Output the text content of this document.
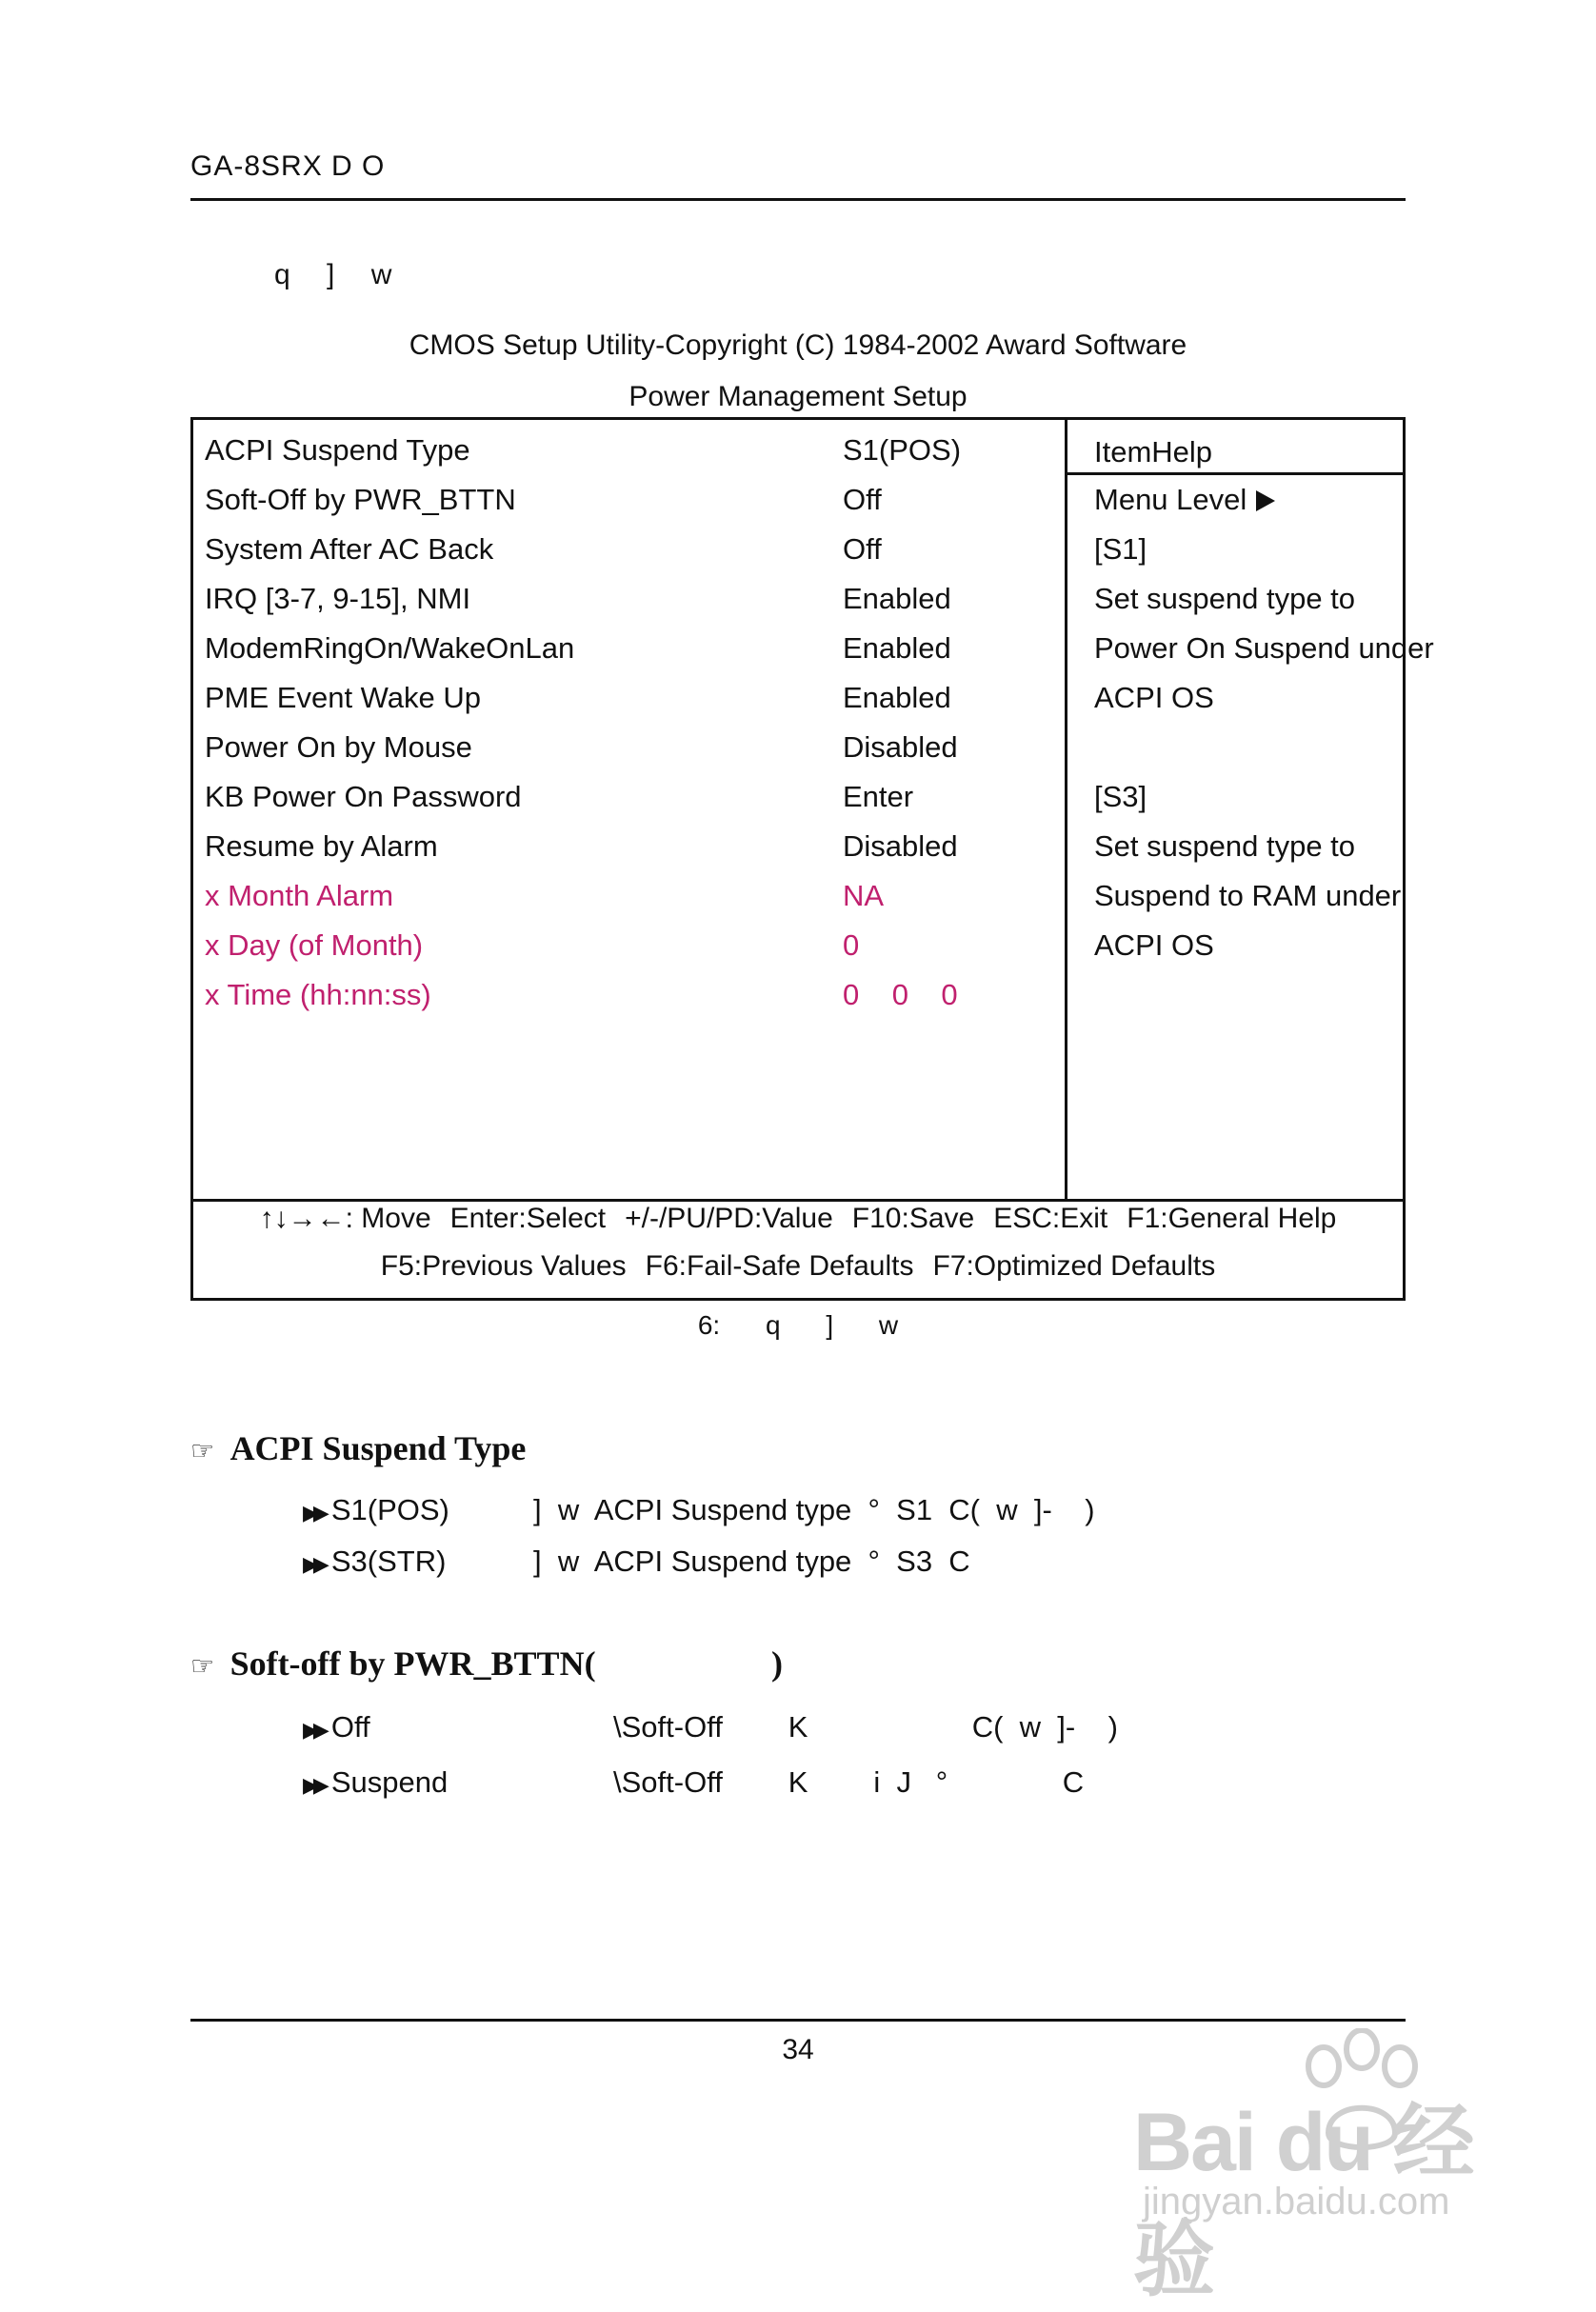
GA-8SRX D O
q ] w
CMOS Setup Utility-Copyright (C) 1984-2002 Award Software
Power Management Setup
ACPI Suspend Type	S1(POS)
Soft-Off by PWR_BTTN	Off
System After AC Back	Off
IRQ [3-7, 9-15], NMI	Enabled
ModemRingOn/WakeOnLan	Enabled
PME Event Wake Up	Enabled
Power On by Mouse	Disabled
KB Power On Password	Enter
Resume by Alarm	Disabled
x Month Alarm	NA
x Day (of Month)	0
x Time (hh:nn:ss)	0    0    0
ItemHelp
Menu Level
[S1]
Set suspend type to
Power On Suspend under
ACPI OS
[S3]
Set suspend type to
Suspend to RAM under
ACPI OS
↑↓→←: Move Enter:Select +/-/PU/PD:Value F10:Save ESC:Exit F1:General Help
F5:Previous Values F6:Fail-Safe Defaults F7:Optimized Defaults
6: q ] w
☞ ACPI Suspend Type
▶▶ S1(POS)	]  w  ACPI Suspend type  °  S1  C(  w  ]-    )
▶▶ S3(STR)	]  w  ACPI Suspend type  °  S3  C
☞ Soft-off by PWR_BTTN(	)
▶▶ Off	\Soft-Off        K                    C(  w  ]-    )
▶▶ Suspend	\Soft-Off        K        i  J   °              C
34
Bai du 经验
jingyan.baidu.com
